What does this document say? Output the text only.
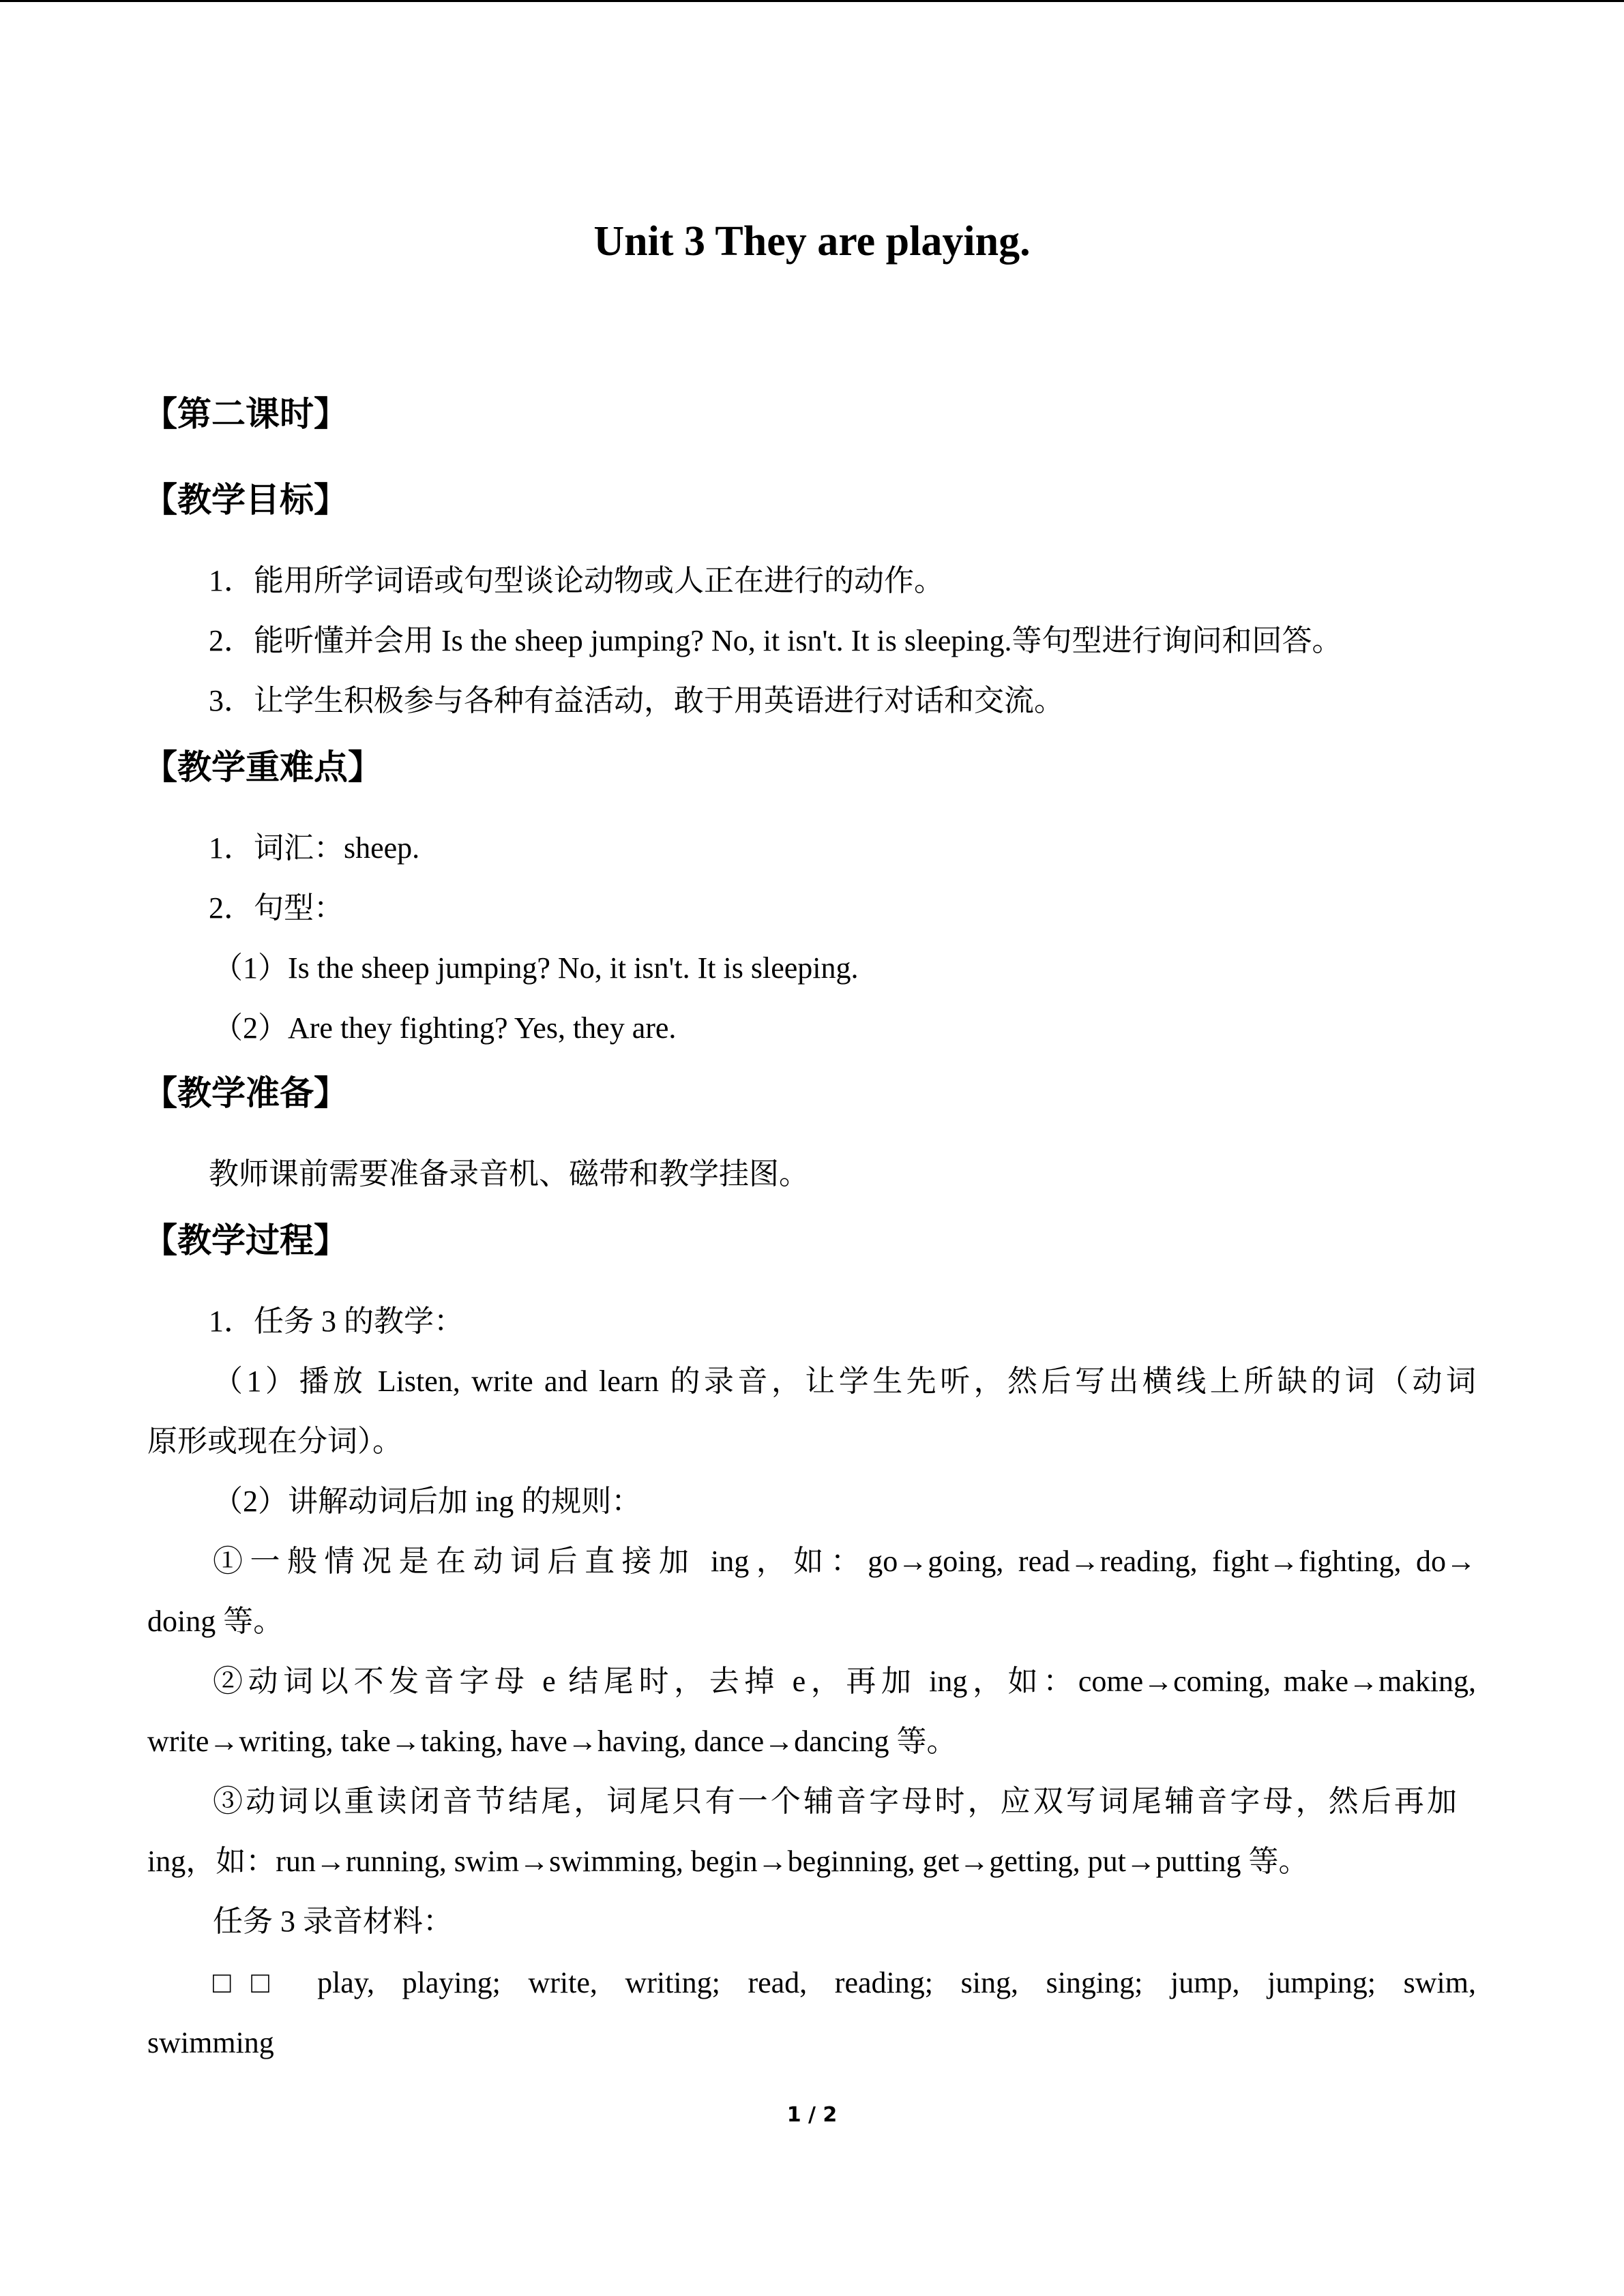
Unit 3 They are playing.
【第二课时】
【教学目标】
1．能用所学词语或句型谈论动物或人正在进行的动作。
2．能听懂并会用 Is the sheep jumping? No, it isn't. It is sleeping.等句型进行询问和回答。
3．让学生积极参与各种有益活动，敢于用英语进行对话和交流。
【教学重难点】
1．词汇：sheep.
2．句型：
（1）Is the sheep jumping? No, it isn't. It is sleeping.
（2）Are they fighting? Yes, they are.
【教学准备】
教师课前需要准备录音机、磁带和教学挂图。
【教学过程】
1．任务 3 的教学：
（1）播放 Listen, write and learn 的录音，让学生先听，然后写出横线上所缺的词（动词
原形或现在分词）。
（2）讲解动词后加 ing 的规则：
①一般情况是在动词后直接加 ing，如：go→going, read→reading, fight→fighting, do→
doing 等。
②动词以不发音字母 e 结尾时，去掉 e，再加 ing，如：come→coming, make→making,
write→writing, take→taking, have→having, dance→dancing 等。
③动词以重读闭音节结尾，词尾只有一个辅音字母时，应双写词尾辅音字母，然后再加
ing，如：run→running, swim→swimming, begin→beginning, get→getting, put→putting 等。
任务 3 录音材料：
□□ play, playing; write, writing; read, reading; sing, singing; jump, jumping; swim,
swimming
1 / 2
